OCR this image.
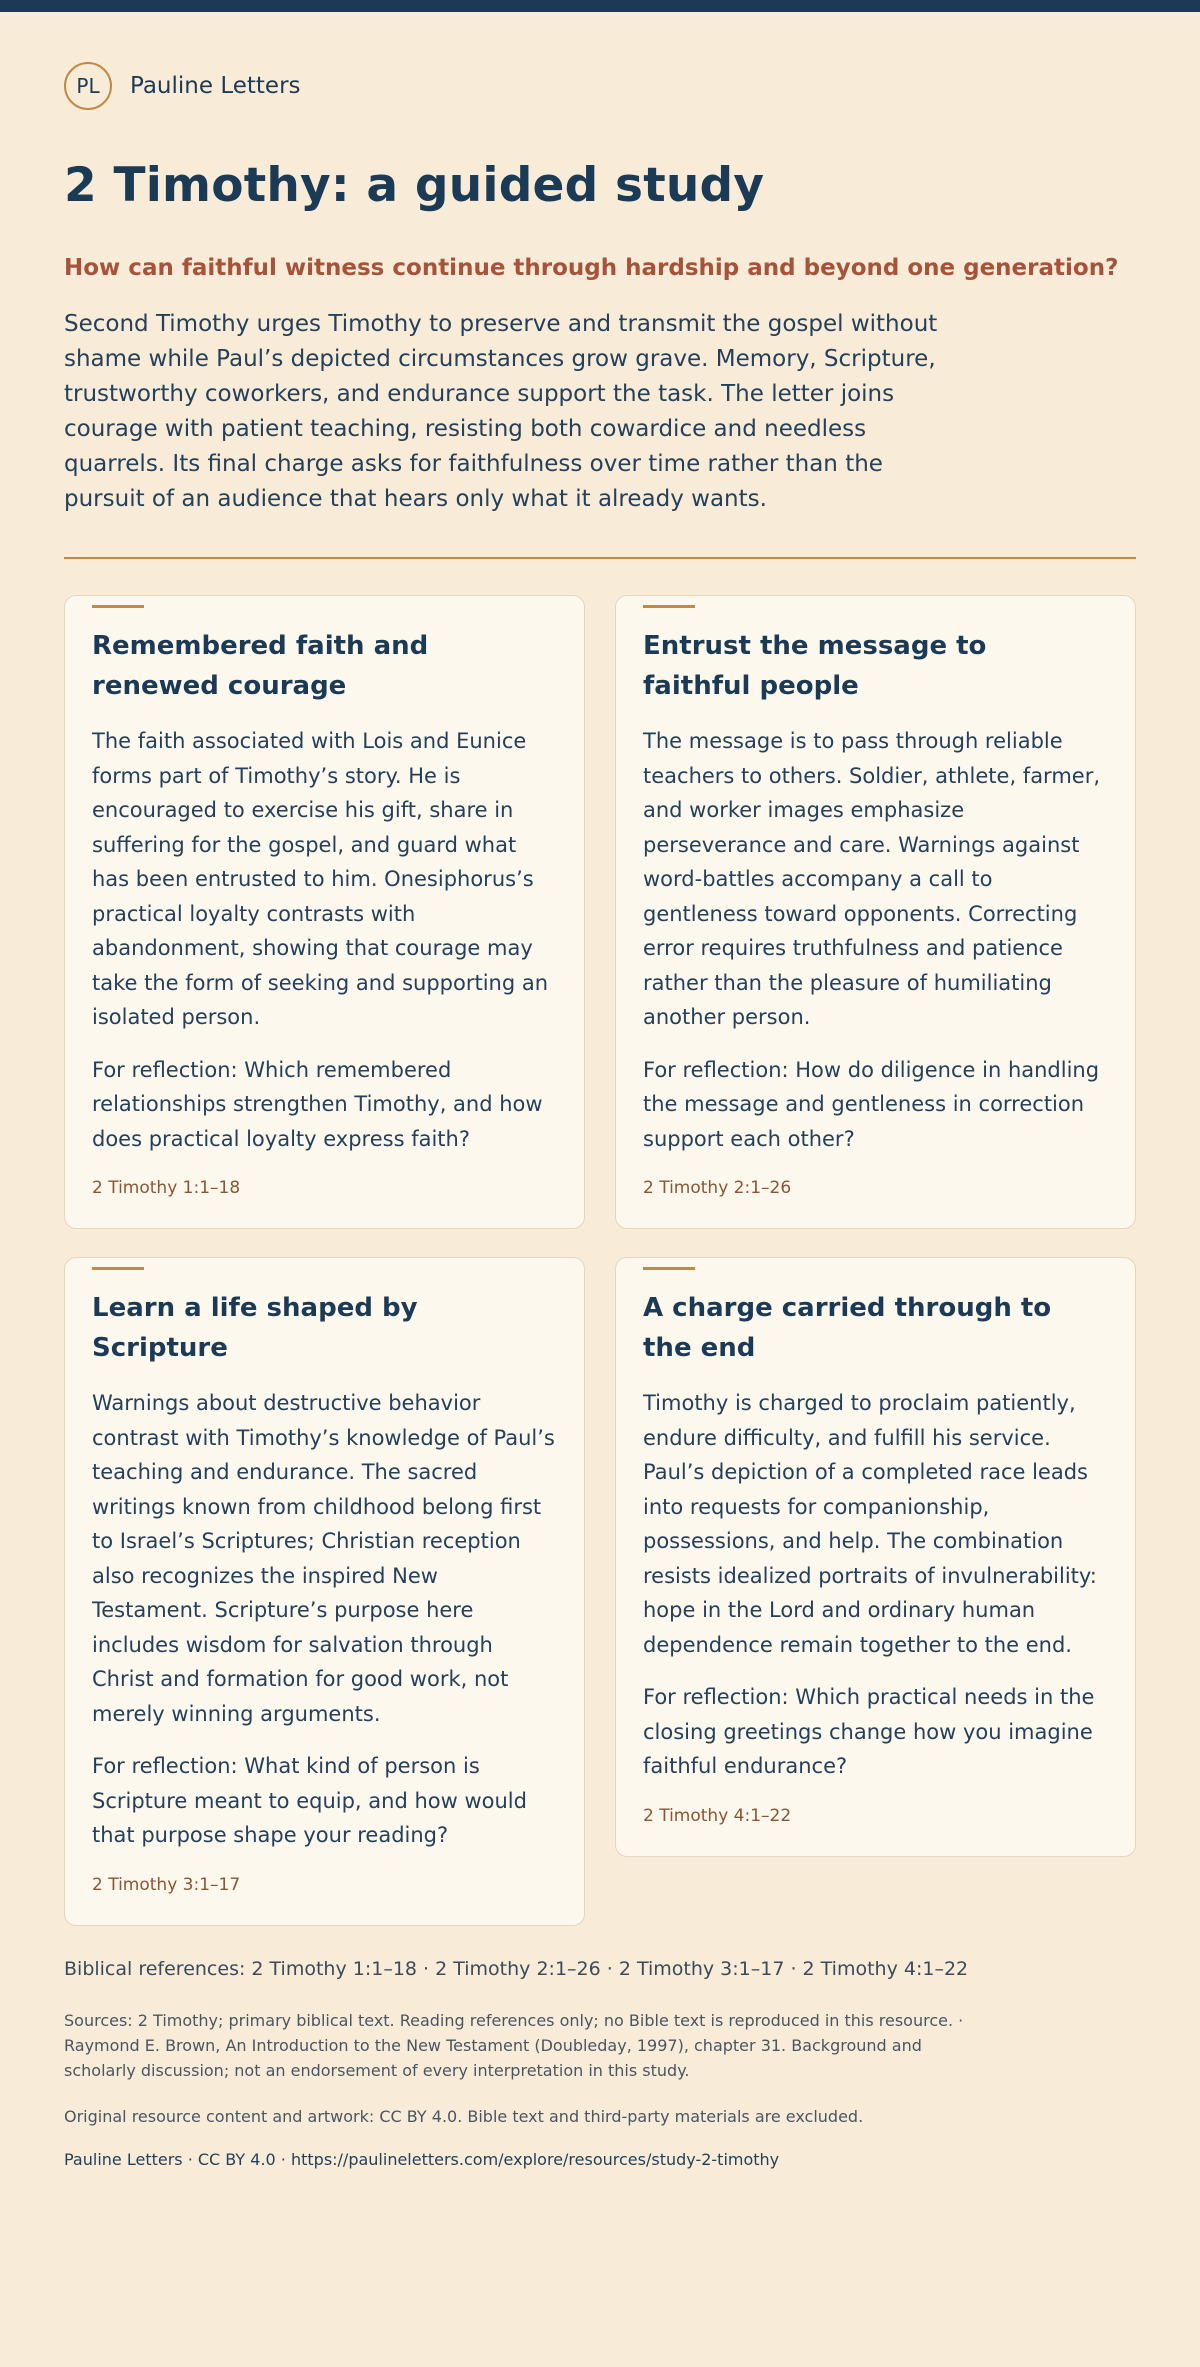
PL	Pauline Letters
2 Timothy: a guided study
How can faithful witness continue through hardship and beyond one generation?
Second Timothy urges Timothy to preserve and transmit the gospel without shame while Paul’s depicted circumstances grow grave. Memory, Scripture, trustworthy coworkers, and endurance support the task. The letter joins courage with patient teaching, resisting both cowardice and needless quarrels. Its final charge asks for faithfulness over time rather than the pursuit of an audience that hears only what it already wants.
Remembered faith and renewed courage

The faith associated with Lois and Eunice forms part of Timothy’s story. He is encouraged to exercise his gift, share in suffering for the gospel, and guard what has been entrusted to him. Onesiphorus’s practical loyalty contrasts with abandonment, showing that courage may take the form of seeking and supporting an isolated person.

For reflection: Which remembered relationships strengthen Timothy, and how does practical loyalty express faith?

2 Timothy 1:1–18
Entrust the message to faithful people

The message is to pass through reliable teachers to others. Soldier, athlete, farmer, and worker images emphasize perseverance and care. Warnings against word-battles accompany a call to gentleness toward opponents. Correcting error requires truthfulness and patience rather than the pleasure of humiliating another person.

For reflection: How do diligence in handling the message and gentleness in correction support each other?

2 Timothy 2:1–26
Learn a life shaped by Scripture

Warnings about destructive behavior contrast with Timothy’s knowledge of Paul’s teaching and endurance. The sacred writings known from childhood belong first to Israel’s Scriptures; Christian reception also recognizes the inspired New Testament. Scripture’s purpose here includes wisdom for salvation through Christ and formation for good work, not merely winning arguments.

For reflection: What kind of person is Scripture meant to equip, and how would that purpose shape your reading?

2 Timothy 3:1–17
A charge carried through to the end

Timothy is charged to proclaim patiently, endure difficulty, and fulfill his service. Paul’s depiction of a completed race leads into requests for companionship, possessions, and help. The combination resists idealized portraits of invulnerability: hope in the Lord and ordinary human dependence remain together to the end.

For reflection: Which practical needs in the closing greetings change how you imagine faithful endurance?

2 Timothy 4:1–22
Biblical references: 2 Timothy 1:1–18 · 2 Timothy 2:1–26 · 2 Timothy 3:1–17 · 2 Timothy 4:1–22
Sources: 2 Timothy; primary biblical text. Reading references only; no Bible text is reproduced in this resource. · Raymond E. Brown, An Introduction to the New Testament (Doubleday, 1997), chapter 31. Background and scholarly discussion; not an endorsement of every interpretation in this study.
Original resource content and artwork: CC BY 4.0. Bible text and third-party materials are excluded.
Pauline Letters · CC BY 4.0 · https://paulineletters.com/explore/resources/study-2-timothy
